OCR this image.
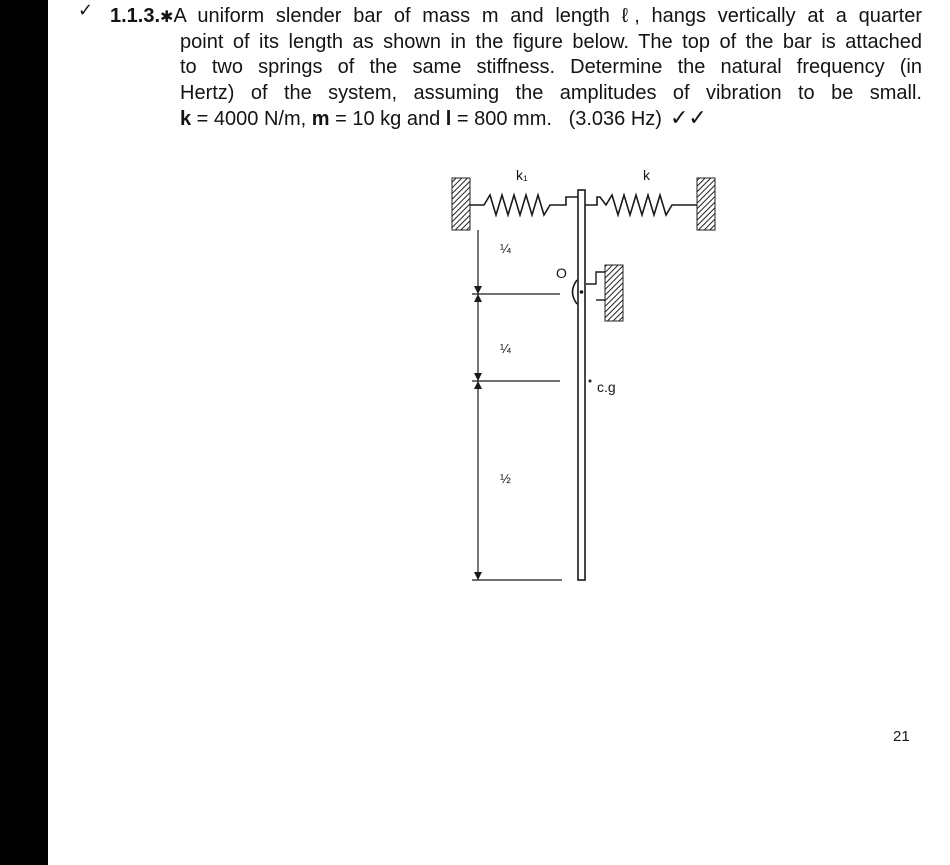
✓ 1.1.3.✱A uniform slender bar of mass m and length ℓ, hangs vertically at a quarter
point of its length as shown in the figure below. The top of the bar is attached
to two springs of the same stiffness. Determine the natural frequency (in
Hertz) of the system, assuming the amplitudes of vibration to be small.
k = 4000 N/m, m = 10 kg and l = 800 mm. (3.036 Hz) ✓✓
k₁	k
O
c.g
¼
¼
½
21
